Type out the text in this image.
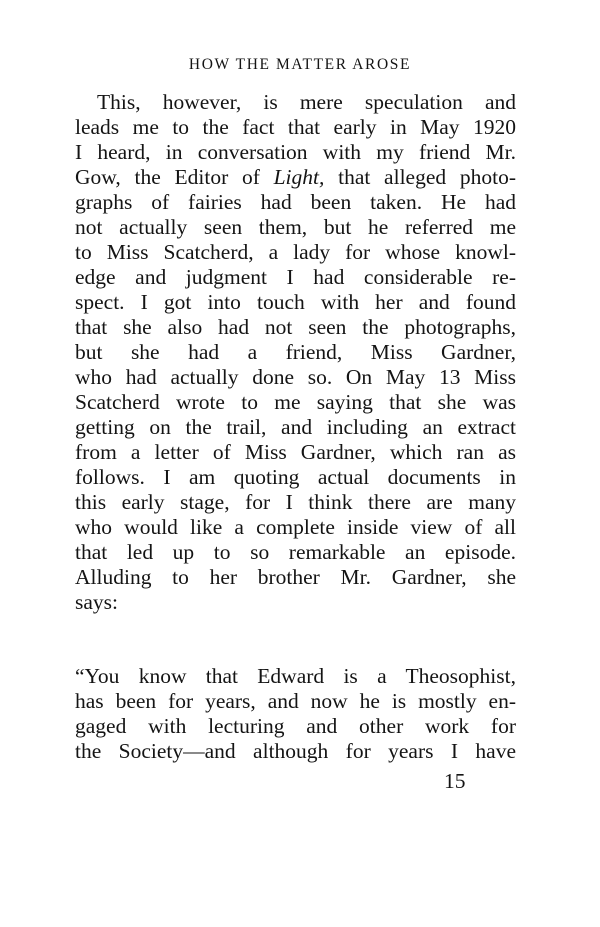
HOW THE MATTER AROSE
This, however, is mere speculation and
leads me to the fact that early in May 1920
I heard, in conversation with my friend Mr.
Gow, the Editor of Light, that alleged photo-
graphs of fairies had been taken. He had
not actually seen them, but he referred me
to Miss Scatcherd, a lady for whose knowl-
edge and judgment I had considerable re-
spect. I got into touch with her and found
that she also had not seen the photographs,
but she had a friend, Miss Gardner,
who had actually done so. On May 13 Miss
Scatcherd wrote to me saying that she was
getting on the trail, and including an extract
from a letter of Miss Gardner, which ran as
follows. I am quoting actual documents in
this early stage, for I think there are many
who would like a complete inside view of all
that led up to so remarkable an episode.
Alluding to her brother Mr. Gardner, she
says:
“You know that Edward is a Theosophist,
has been for years, and now he is mostly en-
gaged with lecturing and other work for
the Society—and although for years I have
15
